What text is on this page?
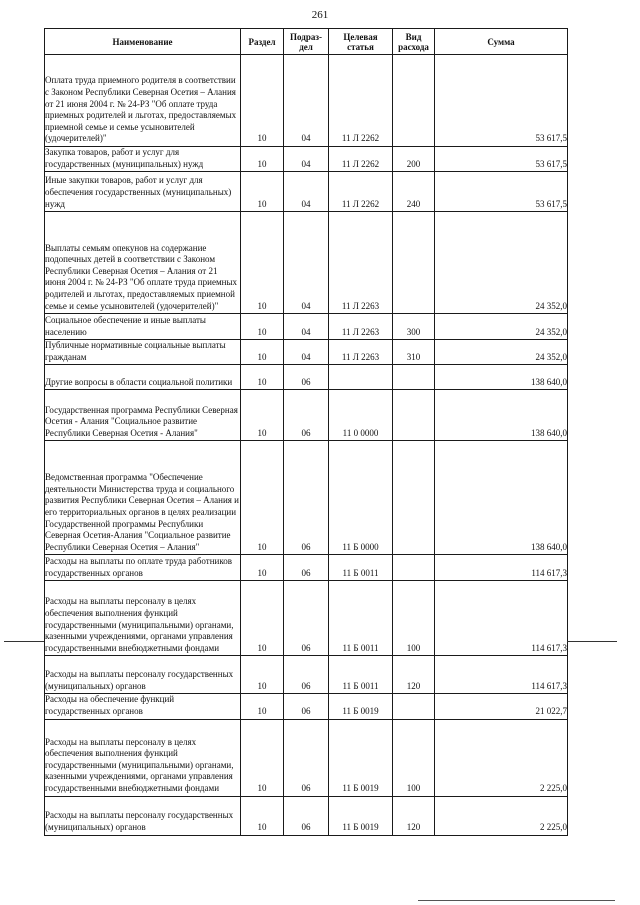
261
Наименование	Раздел	Подраз-дел	Целевая статья	Вид расхода	Сумма
Оплата труда приемного родителя в соответствии с Законом Республики Северная Осетия – Алания от 21 июня 2004 г. № 24-РЗ "Об оплате труда приемных родителей и льготах, предоставляемых приемной семье и семье усыновителей (удочерителей)"	10	04	11 Л 2262		53 617,5
Закупка товаров, работ и услуг для государственных (муниципальных) нужд	10	04	11 Л 2262	200	53 617,5
Иные закупки товаров, работ и услуг для обеспечения государственных (муниципальных) нужд	10	04	11 Л 2262	240	53 617,5
Выплаты семьям опекунов на содержание подопечных детей в соответствии с Законом Республики Северная Осетия – Алания от 21 июня 2004 г. № 24-РЗ "Об оплате труда приемных родителей и льготах, предоставляемых приемной семье и семье усыновителей (удочерителей)"	10	04	11 Л 2263		24 352,0
Социальное обеспечение и иные выплаты населению	10	04	11 Л 2263	300	24 352,0
Публичные нормативные социальные выплаты гражданам	10	04	11 Л 2263	310	24 352,0
Другие вопросы в области социальной политики	10	06			138 640,0
Государственная программа Республики Северная Осетия - Алания "Социальное развитие Республики Северная Осетия - Алания"	10	06	11 0 0000		138 640,0
Ведомственная программа "Обеспечение деятельности Министерства труда и социального развития Республики Северная Осетия – Алания и его территориальных органов в целях реализации Государственной программы Республики Северная Осетия-Алания "Социальное развитие Республики Северная Осетия – Алания"	10	06	11 Б 0000		138 640,0
Расходы на выплаты по оплате труда работников государственных органов	10	06	11 Б 0011		114 617,3
Расходы на выплаты персоналу в целях обеспечения выполнения функций государственными (муниципальными) органами, казенными учреждениями, органами управления государственными внебюджетными фондами	10	06	11 Б 0011	100	114 617,3
Расходы на выплаты персоналу государственных (муниципальных) органов	10	06	11 Б 0011	120	114 617,3
Расходы на обеспечение функций государственных органов	10	06	11 Б 0019		21 022,7
Расходы на выплаты персоналу в целях обеспечения выполнения функций государственными (муниципальными) органами, казенными учреждениями, органами управления государственными внебюджетными фондами	10	06	11 Б 0019	100	2 225,0
Расходы на выплаты персоналу государственных (муниципальных) органов	10	06	11 Б 0019	120	2 225,0
